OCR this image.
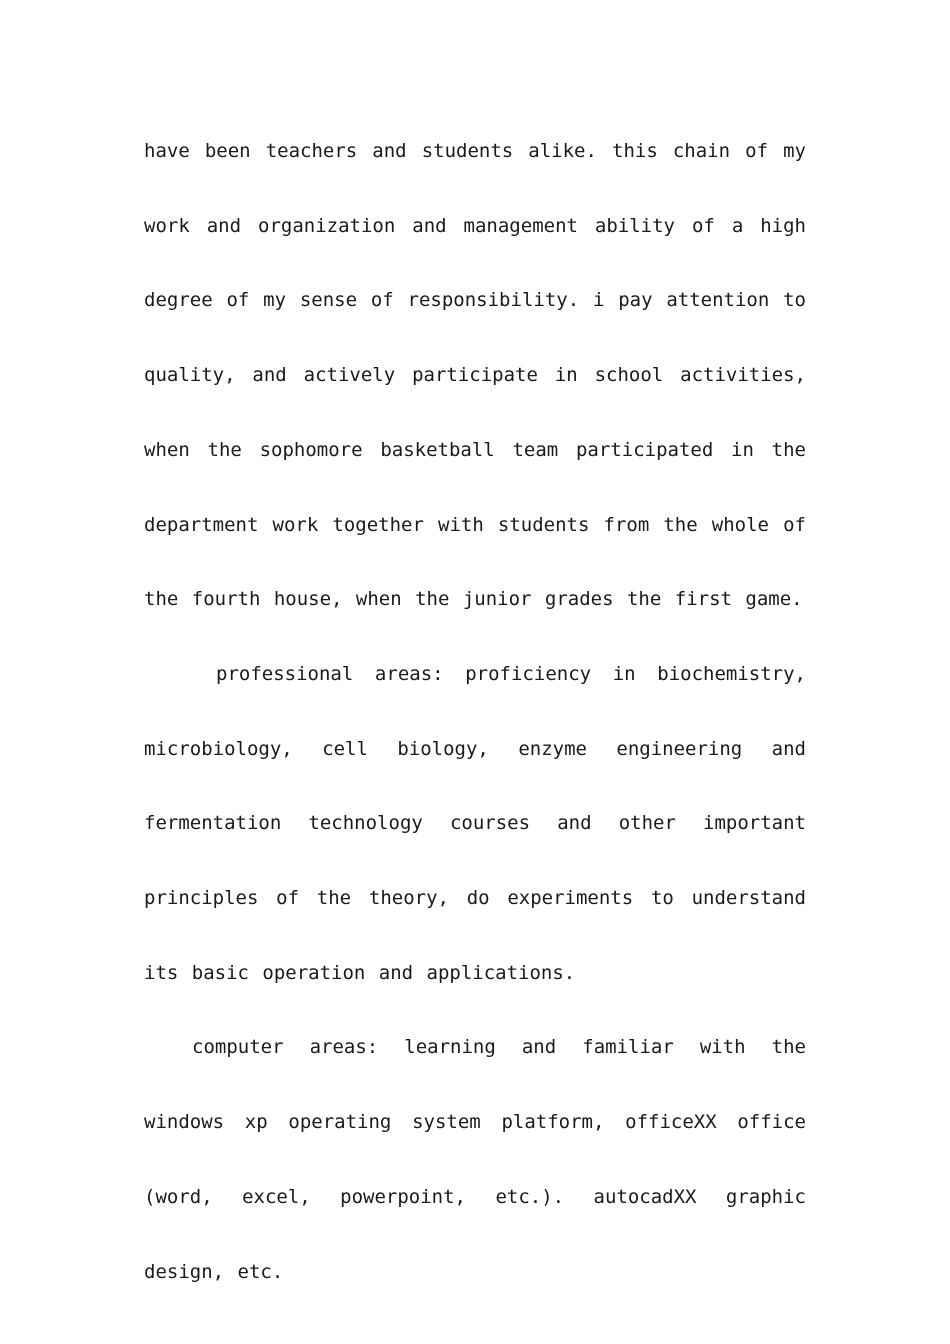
have been teachers and students alike. this chain of my work and organization and management ability of a high degree of my sense of responsibility. i pay attention to quality, and actively participate in school activities, when the sophomore basketball team participated in the department work together with students from the whole of the fourth house, when the junior grades the first game.

professional areas: proficiency in biochemistry, microbiology, cell biology, enzyme engineering and fermentation technology courses and other important principles of the theory, do experiments to understand its basic operation and applications.

computer areas: learning and familiar with the windows xp operating system platform, officeXX office (word, excel, powerpoint, etc.). autocadXX graphic design, etc.
